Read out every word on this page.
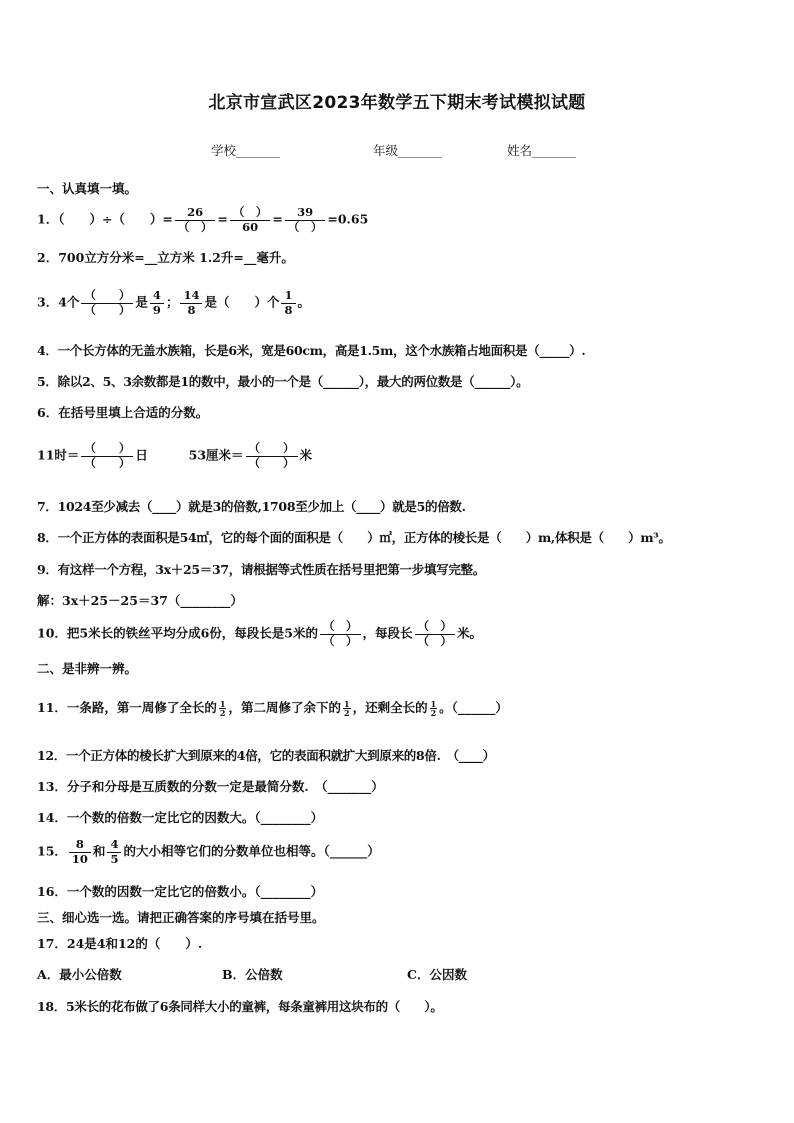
北京市宣武区2023年数学五下期末考试模拟试题
学校_______	年级_______	姓名_______
一、认真填一填。
1．（　　）÷（　　）= $\frac{26}{( )} = \frac{( )}{60} = \frac{39}{( )} =0.65$
2．700立方分米=__立方米 1.2升=__毫升。
3．4个 $\frac{( )}{( )}$ 是 $\frac{4}{9}$ ； $\frac{14}{8}$ 是（　　）个 $\frac{1}{8}$ 。
4．一个长方体的无盖水族箱，长是6米，宽是60cm，高是1.5m，这个水族箱占地面积是（_____）.
5．除以2、5、3余数都是1的数中，最小的一个是（______），最大的两位数是（______）。
6．在括号里填上合适的分数。
11时＝ $\frac{( )}{( )}$ 日	53厘米＝ $\frac{( )}{( )}$ 米
7．1024至少减去（____）就是3的倍数,1708至少加上（____）就是5的倍数.
8．一个正方体的表面积是54㎡，它的每个面的面积是（　　）㎡，正方体的棱长是（　　）m,体积是（　　）m³。
9．有这样一个方程，3x＋25＝37，请根据等式性质在括号里把第一步填写完整。
解：3x＋25－25＝37（________）
10．把5米长的铁丝平均分成6份，每段长是5米的 $\frac{( )}{( )}$ ，每段长 $\frac{( )}{( )}$ 米。
二、是非辨一辨。
11．一条路，第一周修了全长的 $\frac{1}{2}$ ，第二周修了余下的 $\frac{1}{2}$ ，还剩全长的 $\frac{1}{2}$ 。（______）
12．一个正方体的棱长扩大到原来的4倍，它的表面积就扩大到原来的8倍.　（____）
13．分子和分母是互质数的分数一定是最简分数.　（_______）
14．一个数的倍数一定比它的因数大。（________）
15． $\frac{8}{10}$ 和 $\frac{4}{5}$ 的大小相等它们的分数单位也相等。（______）
16．一个数的因数一定比它的倍数小。（________）
三、细心选一选。请把正确答案的序号填在括号里。
17．24是4和12的（　　）.
A．最小公倍数	B．公倍数	C．公因数
18．5米长的花布做了6条同样大小的童裤，每条童裤用这块布的（　　）。
